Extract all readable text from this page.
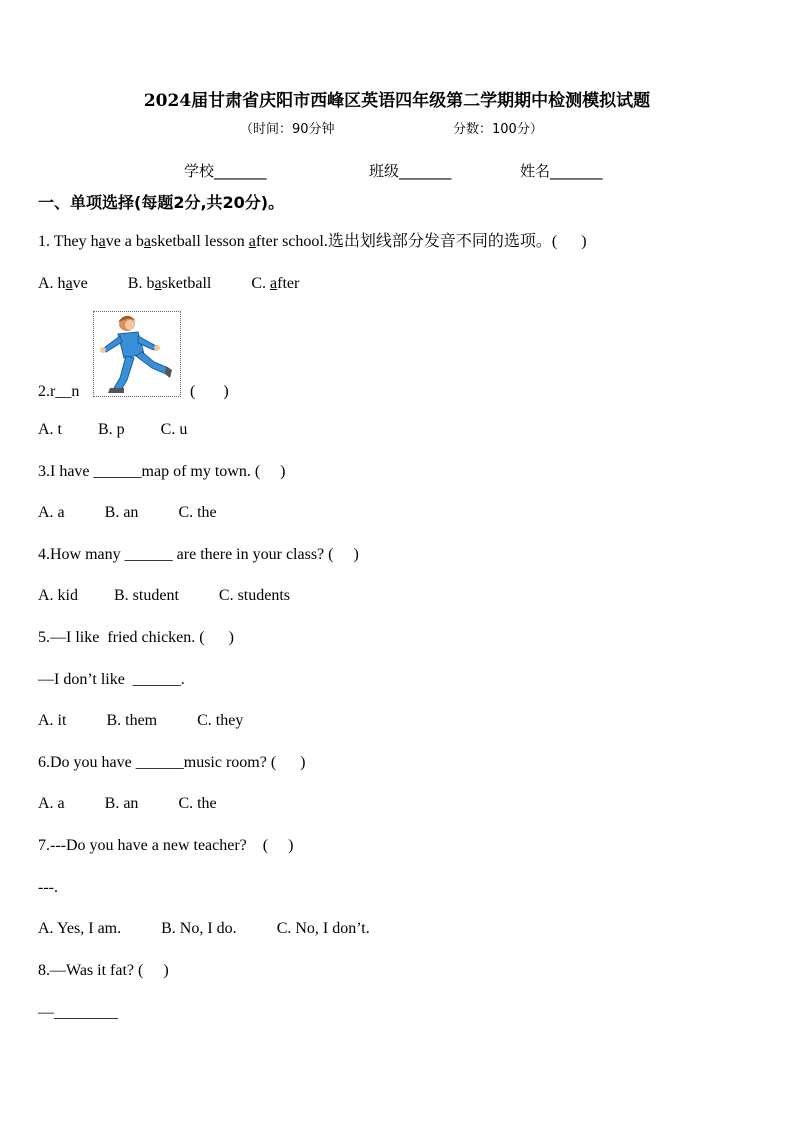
2024届甘肃省庆阳市西峰区英语四年级第二学期期中检测模拟试题
（时间：90分钟	分数：100分）
学校_______	班级_______	姓名_______
一、单项选择(每题2分,共20分)。
1. They have a basketball lesson after school.选出划线部分发音不同的选项。(      )
A. have	B. basketball	C. after
2.r__n	(       )
A. t B. p C. u
3.I have ______map of my town. (     )
A. a	B. an	C. the
4.How many ______ are there in your class? (     )
A. kid B. student	C. students
5.—I like  fried chicken. (      )
—I don’t like  ______.
A. it	B. them	C. they
6.Do you have ______music room? (      )
A. a	B. an	C. the
7.---Do you have a new teacher?    (     )
---.
A. Yes, I am.	B. No, I do.	C. No, I don’t.
8.—Was it fat? (     )
—________
